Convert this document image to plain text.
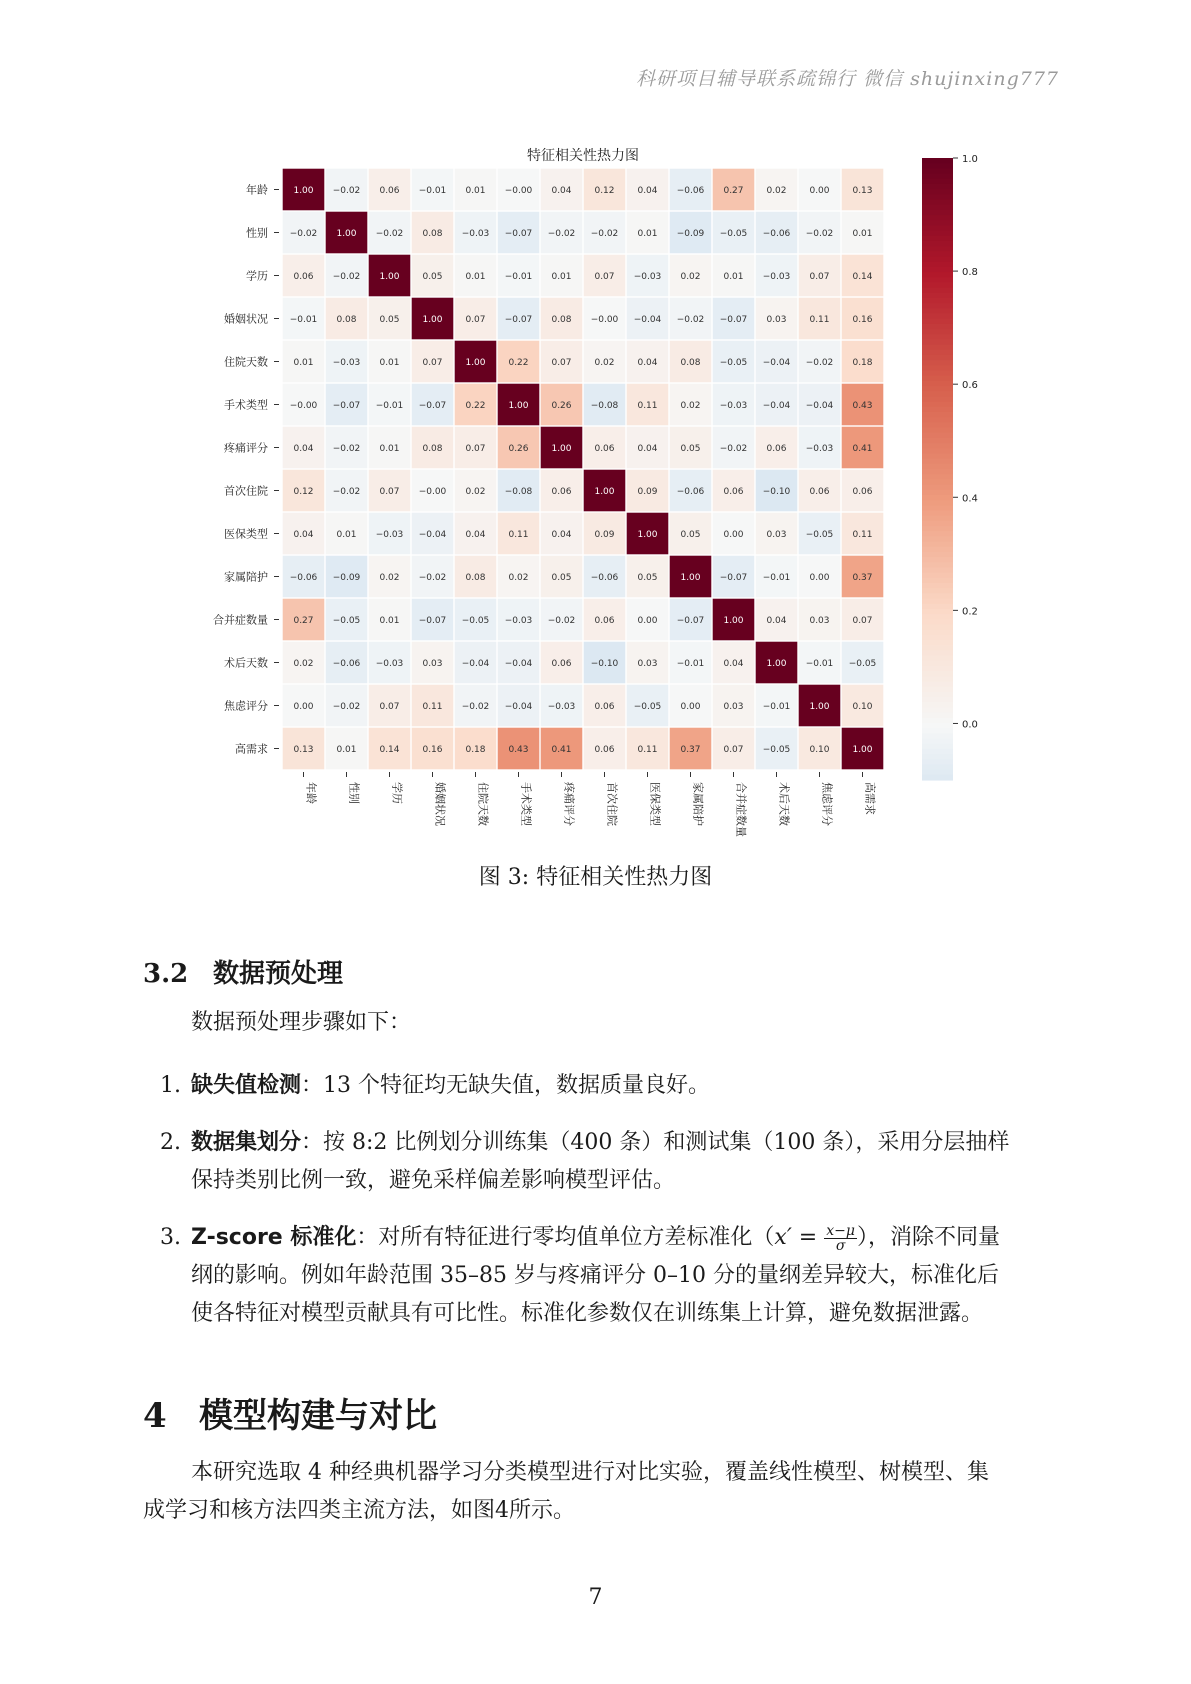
科研项目辅导联系疏锦行 微信 shujinxing777
特征相关性热力图
1.00 −0.02 0.06 −0.01 0.01 −0.00 0.04	0.12	0.04 −0.06 0.27	0.02	0.00	0.13
−0.02 1.00 −0.02 0.08 −0.03 −0.07 −0.02 −0.02 0.01 −0.09 −0.05 −0.06 −0.02 0.01
0.06 −0.02 1.00	0.05	0.01 −0.01 0.01	0.07 −0.03 0.02	0.01 −0.03 0.07	0.14
−0.01 0.08	0.05	1.00	0.07 −0.07 0.08 −0.00 −0.04 −0.02 −0.07 0.03	0.11	0.16
0.01 −0.03 0.01	0.07	1.00	0.22	0.07	0.02	0.04	0.08 −0.05 −0.04 −0.02 0.18
−0.00 −0.07 −0.01 −0.07 0.22	1.00	0.26 −0.08 0.11	0.02 −0.03 −0.04 −0.04 0.43
0.04 −0.02 0.01	0.08	0.07	0.26	1.00	0.06	0.04	0.05 −0.02 0.06 −0.03 0.41
0.12 −0.02 0.07 −0.00 0.02 −0.08 0.06	1.00	0.09 −0.06 0.06 −0.10 0.06	0.06
0.04	0.01 −0.03 −0.04 0.04	0.11	0.04	0.09	1.00	0.05	0.00	0.03 −0.05 0.11
−0.06 −0.09 0.02 −0.02 0.08	0.02	0.05 −0.06 0.05	1.00 −0.07 −0.01 0.00	0.37
0.27 −0.05 0.01 −0.07 −0.05 −0.03 −0.02 0.06	0.00 −0.07 1.00	0.04	0.03	0.07
0.02 −0.06 −0.03 0.03 −0.04 −0.04 0.06 −0.10 0.03 −0.01 0.04	1.00 −0.01 −0.05
0.00 −0.02 0.07	0.11 −0.02 −0.04 −0.03 0.06 −0.05 0.00	0.03 −0.01 1.00	0.10
0.13	0.01	0.14	0.16	0.18	0.43	0.41	0.06	0.11	0.37	0.07 −0.05 0.10	1.00
年龄
性别
学历
婚姻状况
住院天数
手术类型
疼痛评分
首次住院
医保类型
家属陪护
合并症数量
术后天数
焦虑评分
高需求
年龄	性别	学历	婚姻状况	住院天数	手术类型	疼痛评分	首次住院	医保类型	家属陪护	合并症数量	术后天数	焦虑评分	高需求
1.0
0.8
0.6
0.4
0.2
0.0
图 3: 特征相关性热力图
3.2 数据预处理
数据预处理步骤如下：
1. 缺失值检测：13 个特征均无缺失值，数据质量良好。
2. 数据集划分：按 8:2 比例划分训练集（400 条）和测试集（100 条），采用分层抽样
保持类别比例一致，避免采样偏差影响模型评估。
3. Z-score 标准化：对所有特征进行零均值单位方差标准化（$x' = \frac{x-\mu}{\sigma}$ ），消除不同量
纲的影响。例如年龄范围 35–85 岁与疼痛评分 0–10 分的量纲差异较大，标准化后
使各特征对模型贡献具有可比性。标准化参数仅在训练集上计算，避免数据泄露。
4 模型构建与对比
本研究选取 4 种经典机器学习分类模型进行对比实验，覆盖线性模型、树模型、集
成学习和核方法四类主流方法，如图4所示。
7
